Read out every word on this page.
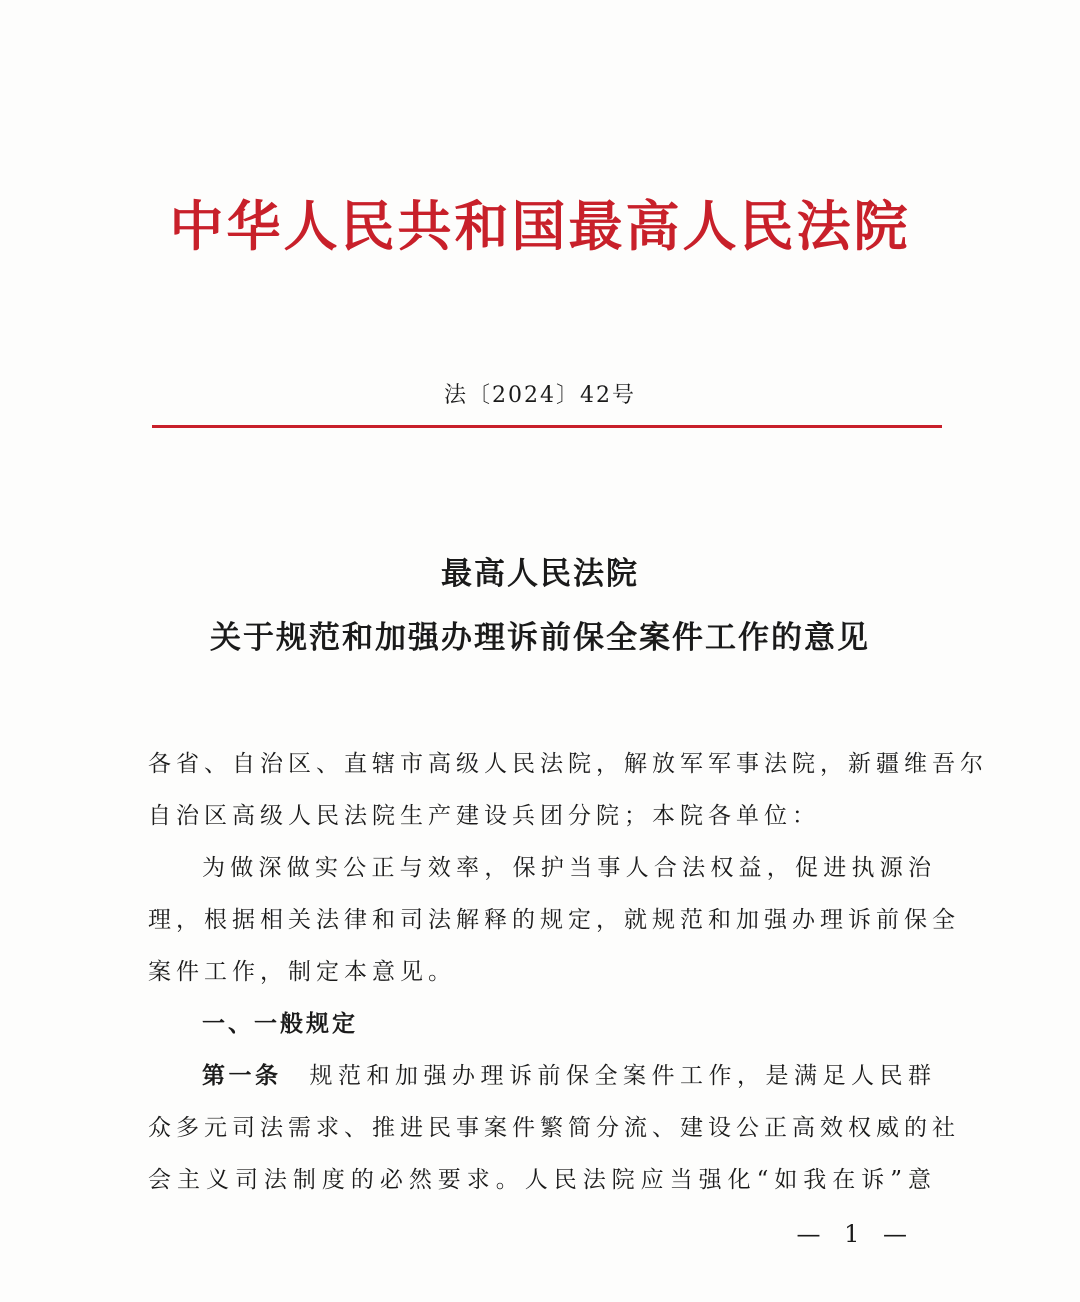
中华人民共和国最高人民法院
法〔2024〕42号
最高人民法院
关于规范和加强办理诉前保全案件工作的意见
各省、自治区、直辖市高级人民法院，解放军军事法院，新疆维吾尔
自治区高级人民法院生产建设兵团分院；本院各单位：
为做深做实公正与效率，保护当事人合法权益，促进执源治
理，根据相关法律和司法解释的规定，就规范和加强办理诉前保全
案件工作，制定本意见。
一、一般规定
第一条 规范和加强办理诉前保全案件工作，是满足人民群
众多元司法需求、推进民事案件繁简分流、建设公正高效权威的社
会主义司法制度的必然要求。人民法院应当强化“如我在诉”意
— 1 —
